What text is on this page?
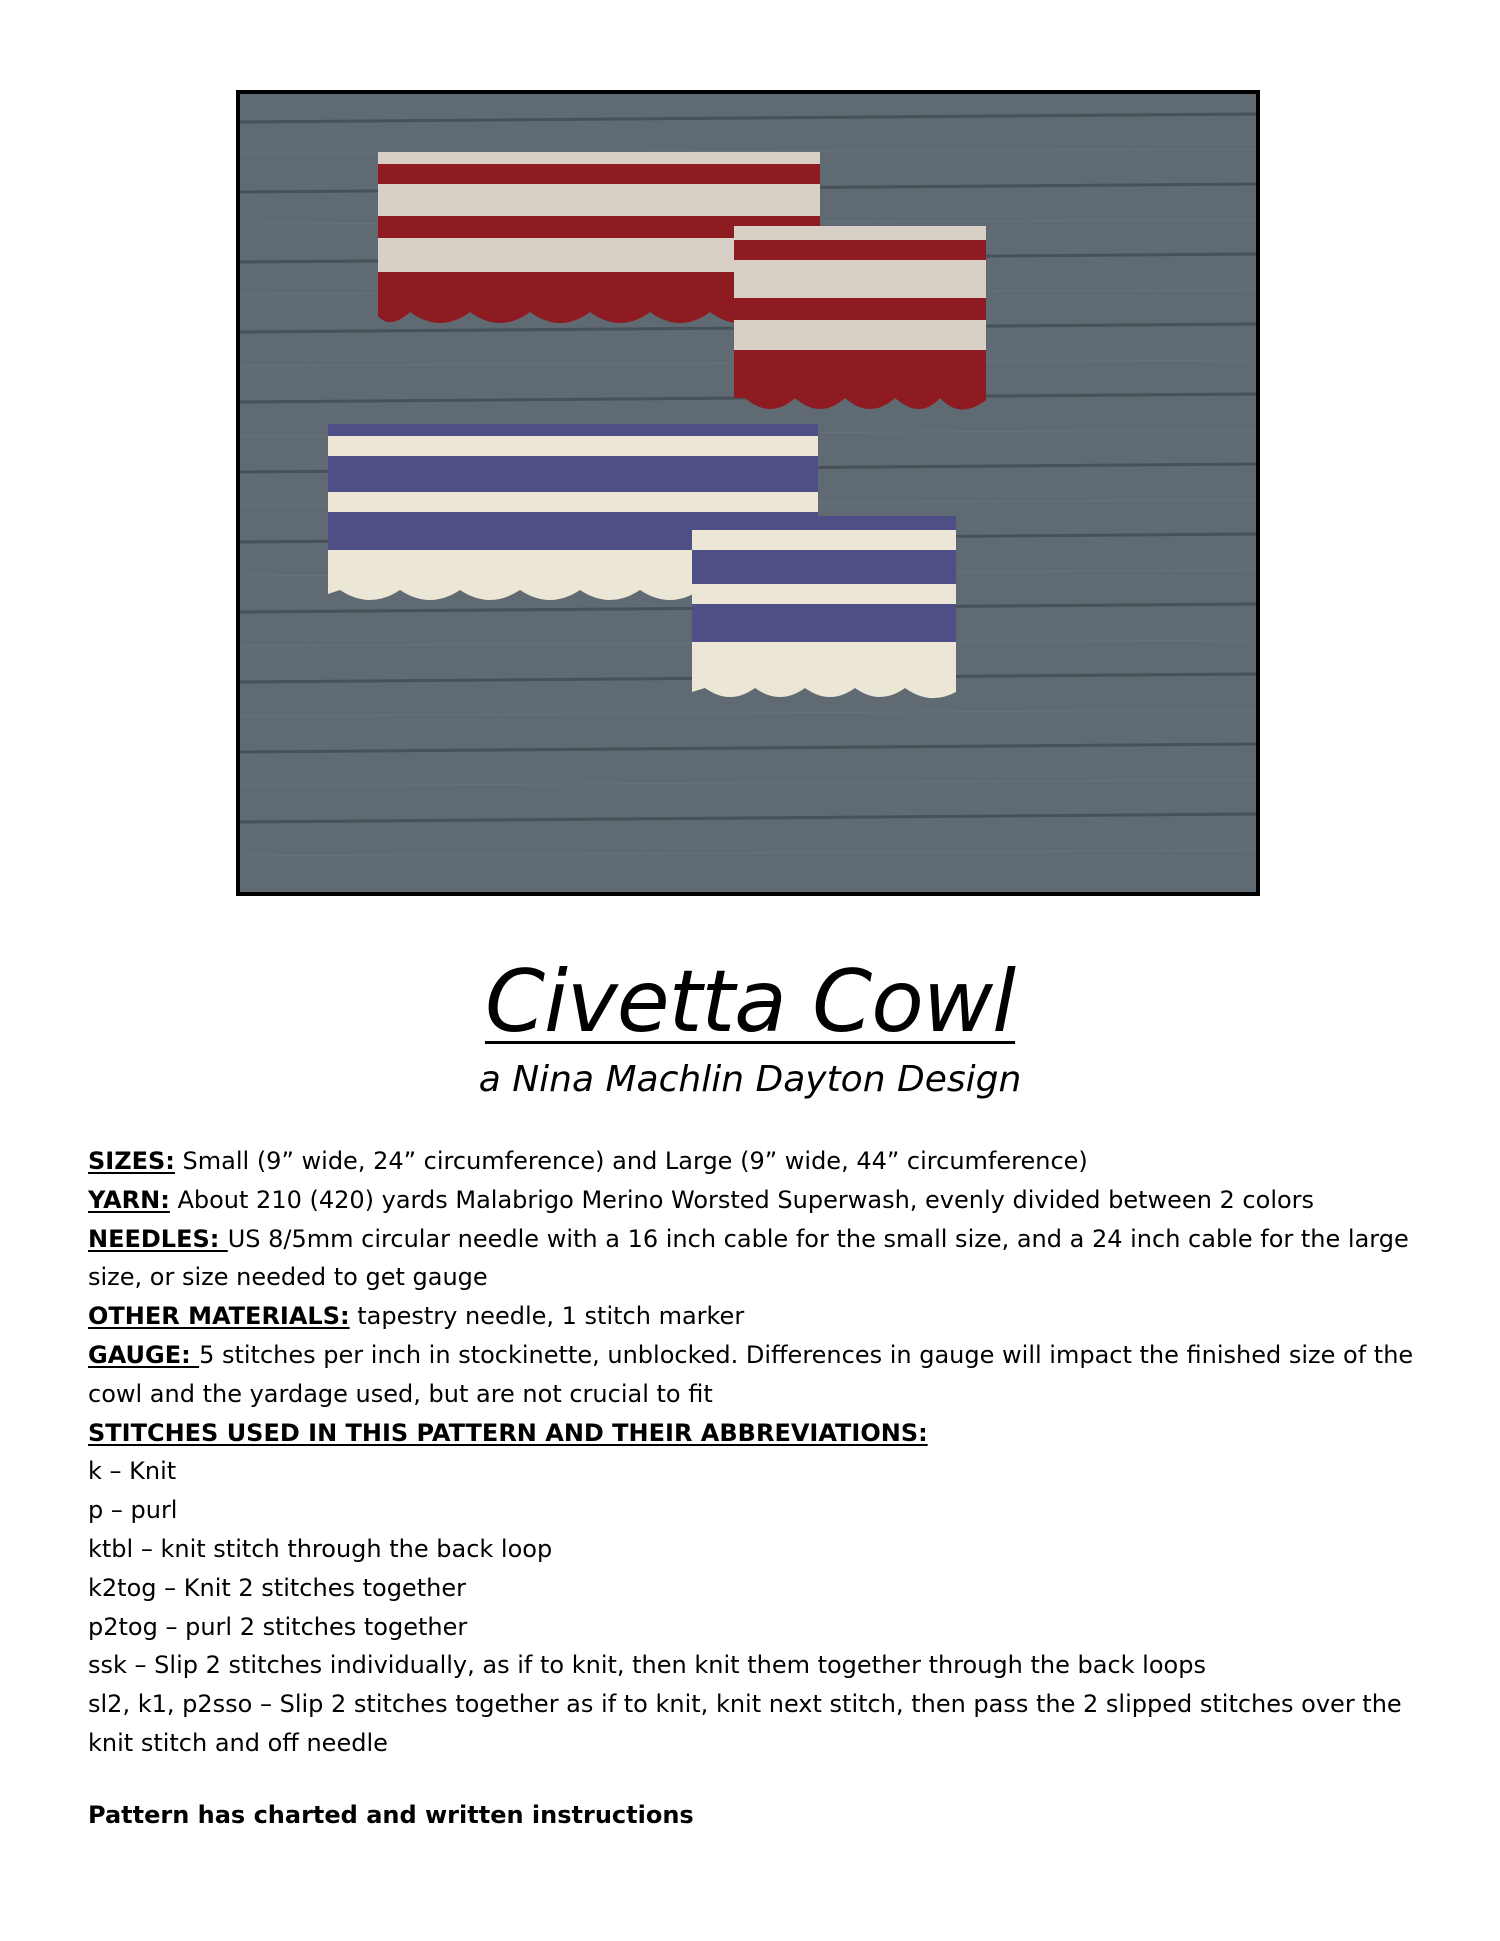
Civetta Cowl
a Nina Machlin Dayton Design

SIZES: Small (9” wide, 24” circumference) and Large (9” wide, 44” circumference)

YARN: About 210 (420) yards Malabrigo Merino Worsted Superwash, evenly divided between 2 colors

NEEDLES: US 8/5mm circular needle with a 16 inch cable for the small size, and a 24 inch cable for the large size, or size needed to get gauge

OTHER MATERIALS: tapestry needle, 1 stitch marker

GAUGE: 5 stitches per inch in stockinette, unblocked. Differences in gauge will impact the finished size of the cowl and the yardage used, but are not crucial to fit

STITCHES USED IN THIS PATTERN AND THEIR ABBREVIATIONS:

k – Knit

p – purl

ktbl – knit stitch through the back loop

k2tog – Knit 2 stitches together

p2tog – purl 2 stitches together

ssk – Slip 2 stitches individually, as if to knit, then knit them together through the back loops

sl2, k1, p2sso – Slip 2 stitches together as if to knit, knit next stitch, then pass the 2 slipped stitches over the knit stitch and off needle

Pattern has charted and written instructions
